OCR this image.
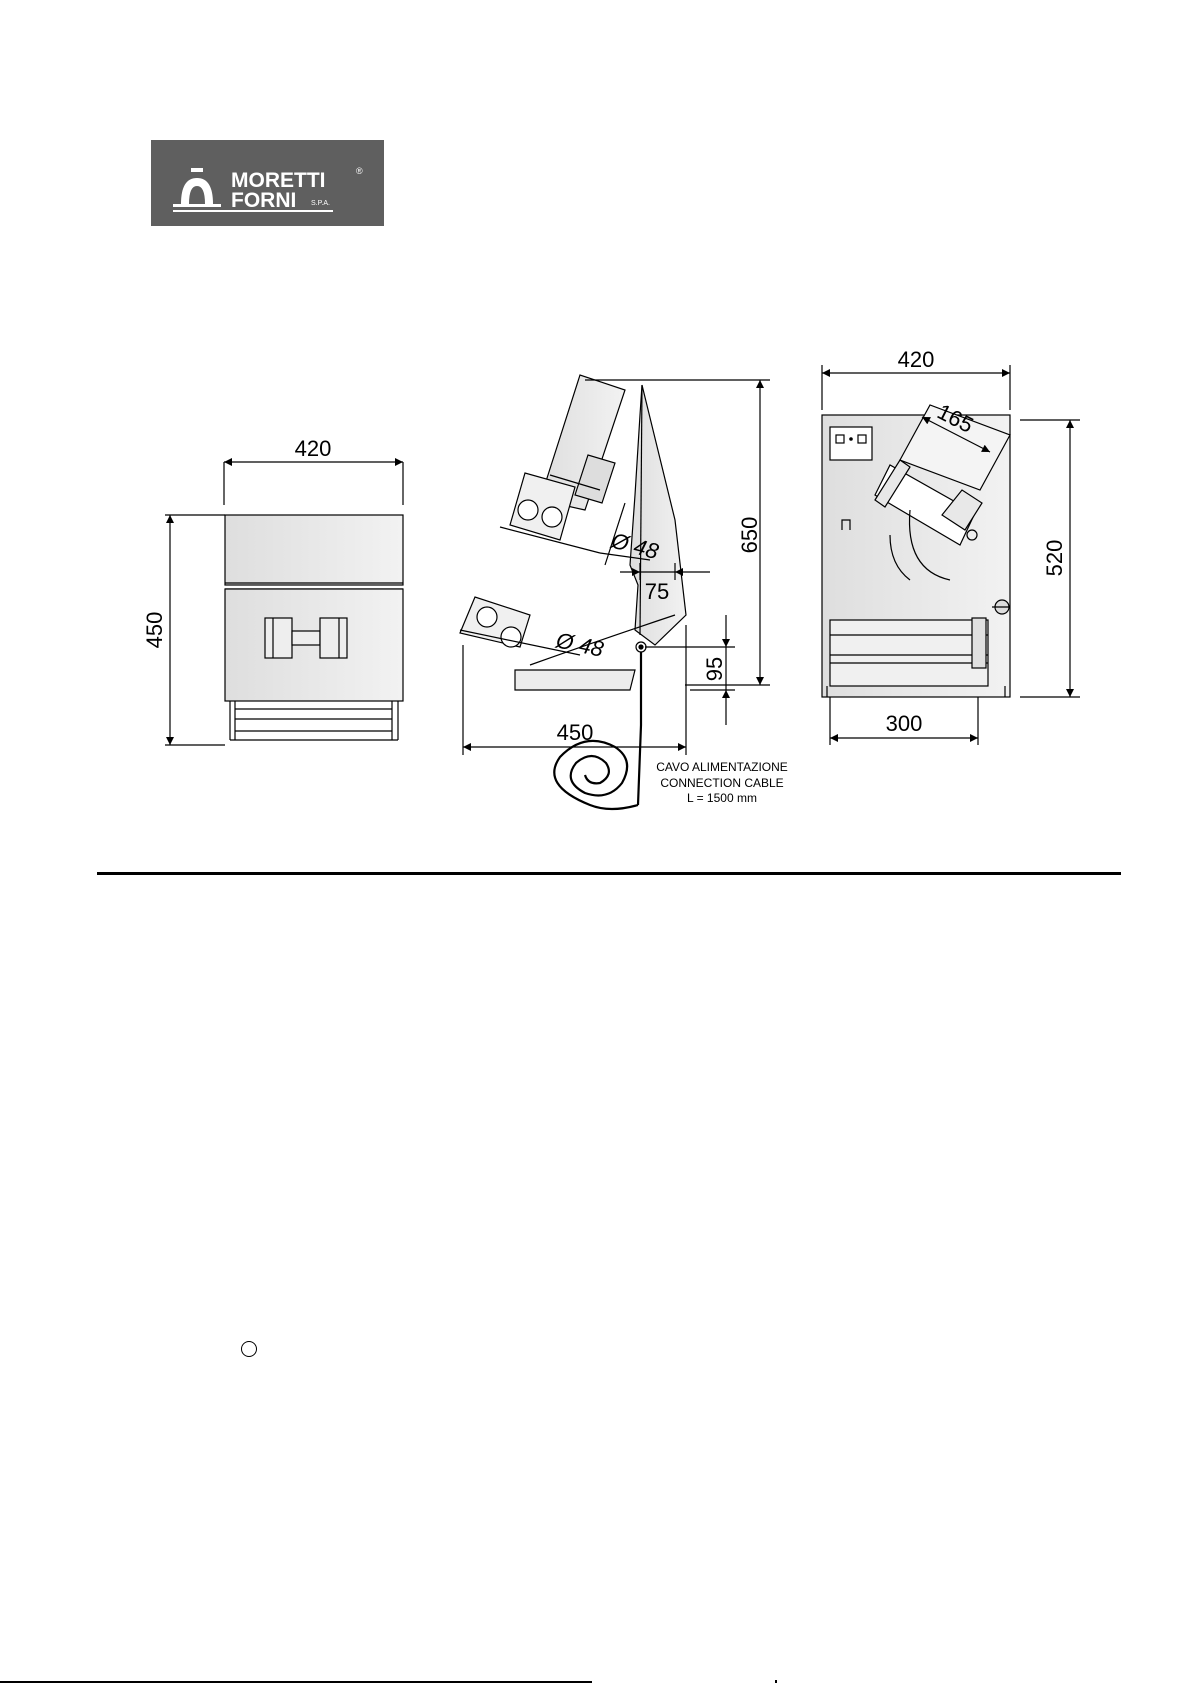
MORETTI
FORNI S.P.A.
®
420
450
650
450
75
95
Ø 48
Ø 48
CAVO ALIMENTAZIONE
CONNECTION CABLE
L = 1500 mm
420
520
300
165
